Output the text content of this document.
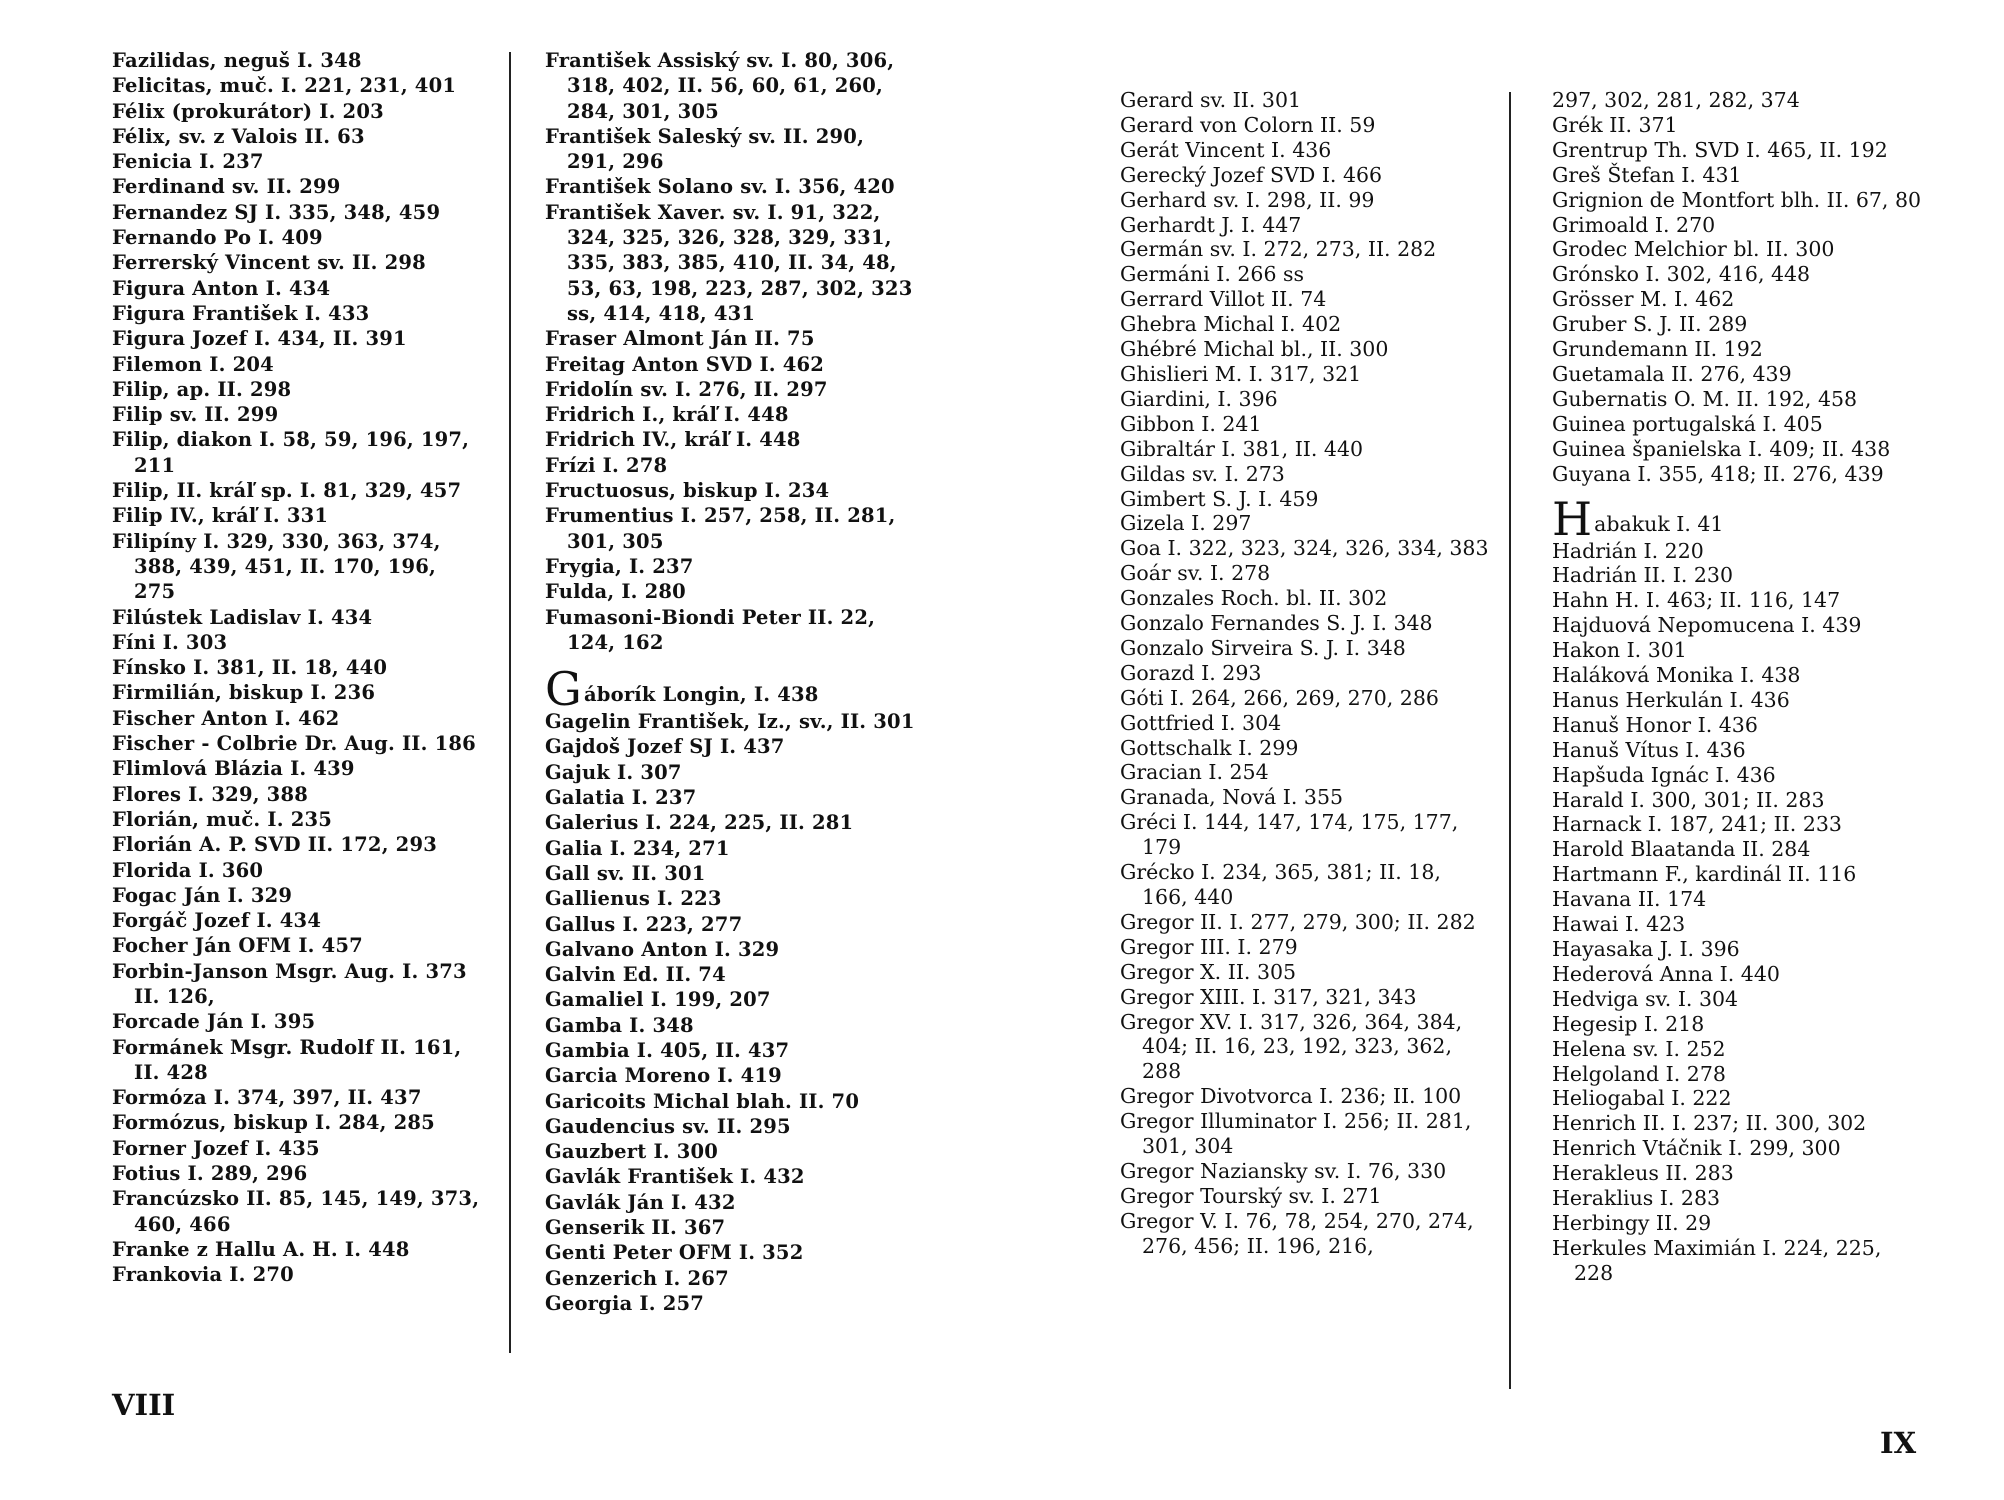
Fazilidas, neguš I. 348
Felicitas, muč. I. 221, 231, 401
Félix (prokurátor) I. 203
Félix, sv. z Valois II. 63
Fenicia I. 237
Ferdinand sv. II. 299
Fernandez SJ I. 335, 348, 459
Fernando Po I. 409
Ferrerský Vincent sv. II. 298
Figura Anton I. 434
Figura František I. 433
Figura Jozef I. 434, II. 391
Filemon I. 204
Filip, ap. II. 298
Filip sv. II. 299
Filip, diakon I. 58, 59, 196, 197, 211
Filip, II. kráľ sp. I. 81, 329, 457
Filip IV., kráľ I. 331
Filipíny I. 329, 330, 363, 374, 388, 439, 451, II. 170, 196, 275
Filústek Ladislav I. 434
Fíni I. 303
Fínsko I. 381, II. 18, 440
Firmilián, biskup I. 236
Fischer Anton I. 462
Fischer - Colbrie Dr. Aug. II. 186
Flimlová Blázia I. 439
Flores I. 329, 388
Florián, muč. I. 235
Florián A. P. SVD II. 172, 293
Florida I. 360
Fogac Ján I. 329
Forgáč Jozef I. 434
Focher Ján OFM I. 457
Forbin-Janson Msgr. Aug. I. 373 II. 126,
Forcade Ján I. 395
Formánek Msgr. Rudolf II. 161, II. 428
Formóza I. 374, 397, II. 437
Formózus, biskup I. 284, 285
Forner Jozef I. 435
Fotius I. 289, 296
Francúzsko II. 85, 145, 149, 373, 460, 466
Franke z Hallu A. H. I. 448
Frankovia I. 270
František Assiský sv. I. 80, 306, 318, 402, II. 56, 60, 61, 260, 284, 301, 305
František Saleský sv. II. 290, 291, 296
František Solano sv. I. 356, 420
František Xaver. sv. I. 91, 322, 324, 325, 326, 328, 329, 331, 335, 383, 385, 410, II. 34, 48, 53, 63, 198, 223, 287, 302, 323 ss, 414, 418, 431
Fraser Almont Ján II. 75
Freitag Anton SVD I. 462
Fridolín sv. I. 276, II. 297
Fridrich I., kráľ I. 448
Fridrich IV., kráľ I. 448
Frízi I. 278
Fructuosus, biskup I. 234
Frumentius I. 257, 258, II. 281, 301, 305
Frygia, I. 237
Fulda, I. 280
Fumasoni-Biondi Peter II. 22, 124, 162
Gáborík Longin, I. 438
Gagelin František, Iz., sv., II. 301
Gajdoš Jozef SJ I. 437
Gajuk I. 307
Galatia I. 237
Galerius I. 224, 225, II. 281
Galia I. 234, 271
Gall sv. II. 301
Gallienus I. 223
Gallus I. 223, 277
Galvano Anton I. 329
Galvin Ed. II. 74
Gamaliel I. 199, 207
Gamba I. 348
Gambia I. 405, II. 437
Garcia Moreno I. 419
Garicoits Michal blah. II. 70
Gaudencius sv. II. 295
Gauzbert I. 300
Gavlák František I. 432
Gavlák Ján I. 432
Genserik II. 367
Genti Peter OFM I. 352
Genzerich I. 267
Georgia I. 257
Gerard sv. II. 301
Gerard von Colorn II. 59
Gerát Vincent I. 436
Gerecký Jozef SVD I. 466
Gerhard sv. I. 298, II. 99
Gerhardt J. I. 447
Germán sv. I. 272, 273, II. 282
Germáni I. 266 ss
Gerrard Villot II. 74
Ghebra Michal I. 402
Ghébré Michal bl., II. 300
Ghislieri M. I. 317, 321
Giardini, I. 396
Gibbon I. 241
Gibraltár I. 381, II. 440
Gildas sv. I. 273
Gimbert S. J. I. 459
Gizela I. 297
Goa I. 322, 323, 324, 326, 334, 383
Goár sv. I. 278
Gonzales Roch. bl. II. 302
Gonzalo Fernandes S. J. I. 348
Gonzalo Sirveira S. J. I. 348
Gorazd I. 293
Góti I. 264, 266, 269, 270, 286
Gottfried I. 304
Gottschalk I. 299
Gracian I. 254
Granada, Nová I. 355
Gréci I. 144, 147, 174, 175, 177, 179
Grécko I. 234, 365, 381; II. 18, 166, 440
Gregor II. I. 277, 279, 300; II. 282
Gregor III. I. 279
Gregor X. II. 305
Gregor XIII. I. 317, 321, 343
Gregor XV. I. 317, 326, 364, 384, 404; II. 16, 23, 192, 323, 362, 288
Gregor Divotvorca I. 236; II. 100
Gregor Illuminator I. 256; II. 281, 301, 304
Gregor Naziansky sv. I. 76, 330
Gregor Tourský sv. I. 271
Gregor V. I. 76, 78, 254, 270, 274, 276, 456; II. 196, 216,
297, 302, 281, 282, 374
Grék II. 371
Grentrup Th. SVD I. 465, II. 192
Greš Štefan I. 431
Grignion de Montfort blh. II. 67, 80
Grimoald I. 270
Grodec Melchior bl. II. 300
Grónsko I. 302, 416, 448
Grösser M. I. 462
Gruber S. J. II. 289
Grundemann II. 192
Guetamala II. 276, 439
Gubernatis O. M. II. 192, 458
Guinea portugalská I. 405
Guinea španielska I. 409; II. 438
Guyana I. 355, 418; II. 276, 439
Habakuk I. 41
Hadrián I. 220
Hadrián II. I. 230
Hahn H. I. 463; II. 116, 147
Hajduová Nepomucena I. 439
Hakon I. 301
Haláková Monika I. 438
Hanus Herkulán I. 436
Hanuš Honor I. 436
Hanuš Vítus I. 436
Hapšuda Ignác I. 436
Harald I. 300, 301; II. 283
Harnack I. 187, 241; II. 233
Harold Blaatanda II. 284
Hartmann F., kardinál II. 116
Havana II. 174
Hawai I. 423
Hayasaka J. I. 396
Hederová Anna I. 440
Hedviga sv. I. 304
Hegesip I. 218
Helena sv. I. 252
Helgoland I. 278
Heliogabal I. 222
Henrich II. I. 237; II. 300, 302
Henrich Vtáčnik I. 299, 300
Herakleus II. 283
Heraklius I. 283
Herbingy II. 29
Herkules Maximián I. 224, 225, 228
VIII
IX
